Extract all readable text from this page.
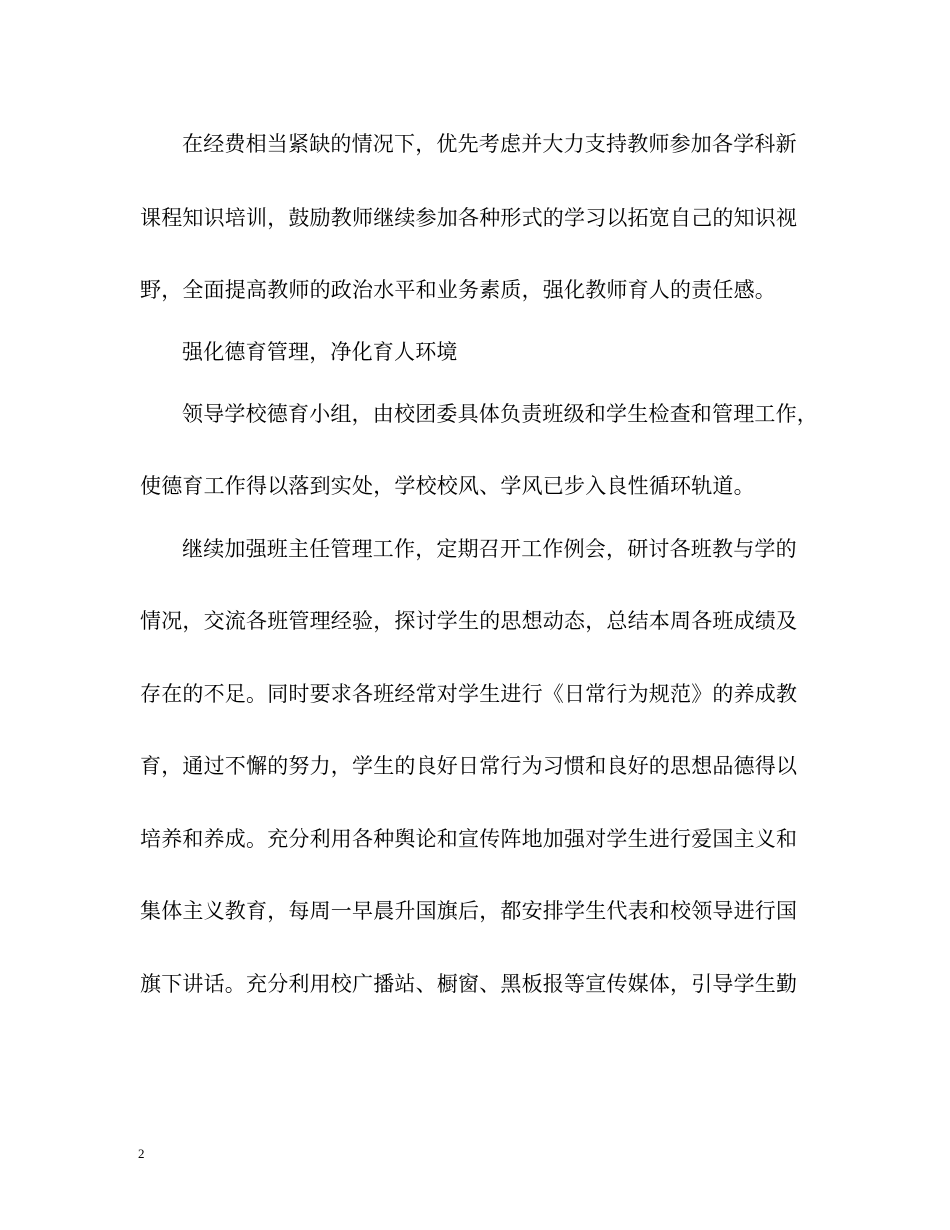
在经费相当紧缺的情况下，优先考虑并大力支持教师参加各学科新
课程知识培训，鼓励教师继续参加各种形式的学习以拓宽自己的知识视
野，全面提高教师的政治水平和业务素质，强化教师育人的责任感。
强化德育管理，净化育人环境
领导学校德育小组，由校团委具体负责班级和学生检查和管理工作，
使德育工作得以落到实处，学校校风、学风已步入良性循环轨道。
继续加强班主任管理工作，定期召开工作例会，研讨各班教与学的
情况，交流各班管理经验，探讨学生的思想动态，总结本周各班成绩及
存在的不足。同时要求各班经常对学生进行《日常行为规范》的养成教
育，通过不懈的努力，学生的良好日常行为习惯和良好的思想品德得以
培养和养成。充分利用各种舆论和宣传阵地加强对学生进行爱国主义和
集体主义教育，每周一早晨升国旗后，都安排学生代表和校领导进行国
旗下讲话。充分利用校广播站、橱窗、黑板报等宣传媒体，引导学生勤
2
